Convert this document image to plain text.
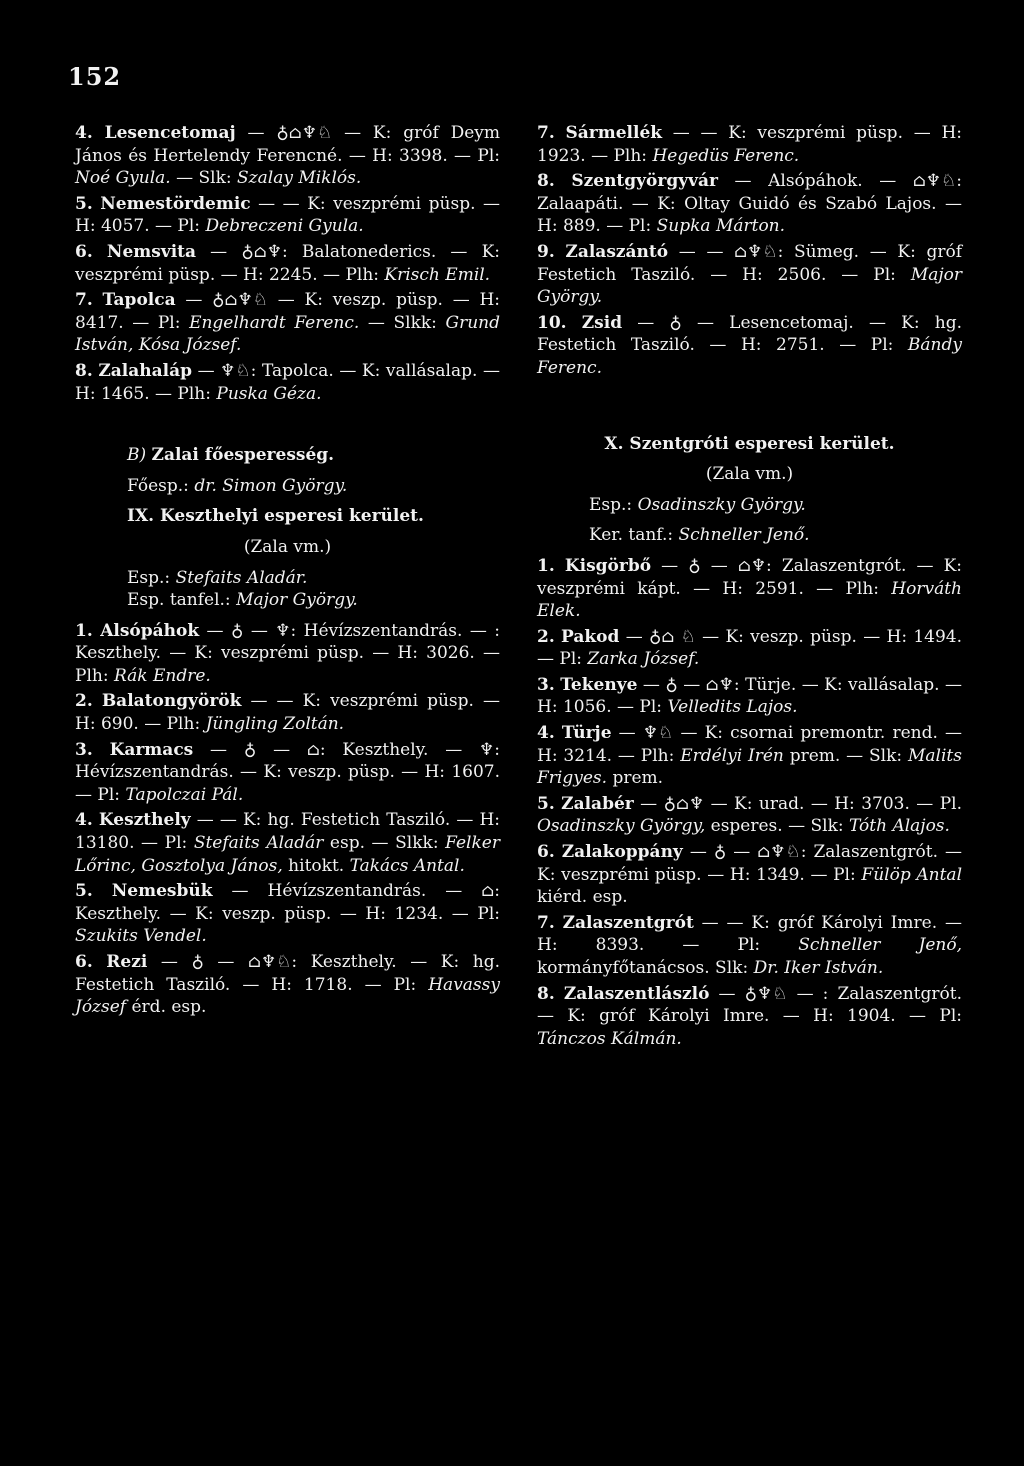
152

4. Lesencetomaj — ♁⌂♆♘ — K: gróf Deym János és Hertelendy Ferencné. — H: 3398. — Pl: Noé Gyula. — Slk: Szalay Miklós.

5. Nemestördemic — — K: veszprémi püsp. — H: 4057. — Pl: Debreczeni Gyula.

6. Nemsvita — ♁⌂♆: Balatonederics. — K: veszprémi püsp. — H: 2245. — Plh: Krisch Emil.

7. Tapolca — ♁⌂♆♘ — K: veszp. püsp. — H: 8417. — Pl: Engelhardt Ferenc. — Slkk: Grund István, Kósa József.

8. Zalahaláp — ♆♘: Tapolca. — K: vallásalap. — H: 1465. — Plh: Puska Géza.

B) Zalai főesperesség.

Főesp.: dr. Simon György.

IX. Keszthelyi esperesi kerület.

(Zala vm.)

Esp.: Stefaits Aladár.

Esp. tanfel.: Major György.

1. Alsópáhok — ♁ — ♆: Hévízszentandrás. — : Keszthely. — K: veszprémi püsp. — H: 3026. — Plh: Rák Endre.

2. Balatongyörök — — K: veszprémi püsp. — H: 690. — Plh: Jüngling Zoltán.

3. Karmacs — ♁ — ⌂: Keszthely. — ♆: Hévízszentandrás. — K: veszp. püsp. — H: 1607. — Pl: Tapolczai Pál.

4. Keszthely — — K: hg. Festetich Tasziló. — H: 13180. — Pl: Stefaits Aladár esp. — Slkk: Felker Lőrinc, Gosztolya János, hitokt. Takács Antal.

5. Nemesbük — Hévízszentandrás. — ⌂: Keszthely. — K: veszp. püsp. — H: 1234. — Pl: Szukits Vendel.

6. Rezi — ♁ — ⌂♆♘: Keszthely. — K: hg. Festetich Tasziló. — H: 1718. — Pl: Havassy József érd. esp.

7. Sármellék — — K: veszprémi püsp. — H: 1923. — Plh: Hegedüs Ferenc.

8. Szentgyörgyvár — Alsópáhok. — ⌂♆♘: Zalaapáti. — K: Oltay Guidó és Szabó Lajos. — H: 889. — Pl: Supka Márton.

9. Zalaszántó — — ⌂♆♘: Sümeg. — K: gróf Festetich Tasziló. — H: 2506. — Pl: Major György.

10. Zsid — ♁ — Lesencetomaj. — K: hg. Festetich Tasziló. — H: 2751. — Pl: Bándy Ferenc.

X. Szentgróti esperesi kerület.

(Zala vm.)

Esp.: Osadinszky György.

Ker. tanf.: Schneller Jenő.

1. Kisgörbő — ♁ — ⌂♆: Zalaszentgrót. — K: veszprémi kápt. — H: 2591. — Plh: Horváth Elek.

2. Pakod — ♁⌂ ♘ — K: veszp. püsp. — H: 1494. — Pl: Zarka József.

3. Tekenye — ♁ — ⌂♆: Türje. — K: vallásalap. — H: 1056. — Pl: Velledits Lajos.

4. Türje — ♆♘ — K: csornai premontr. rend. — H: 3214. — Plh: Erdélyi Irén prem. — Slk: Malits Frigyes. prem.

5. Zalabér — ♁⌂♆ — K: urad. — H: 3703. — Pl. Osadinszky György, esperes. — Slk: Tóth Alajos.

6. Zalakoppány — ♁ — ⌂♆♘: Zalaszentgrót. — K: veszprémi püsp. — H: 1349. — Pl: Fülöp Antal kiérd. esp.

7. Zalaszentgrót — — K: gróf Károlyi Imre. — H: 8393. — Pl: Schneller Jenő, kormányfőtanácsos. Slk: Dr. Iker István.

8. Zalaszentlászló — ♁♆♘ — : Zalaszentgrót. — K: gróf Károlyi Imre. — H: 1904. — Pl: Tánczos Kálmán.
